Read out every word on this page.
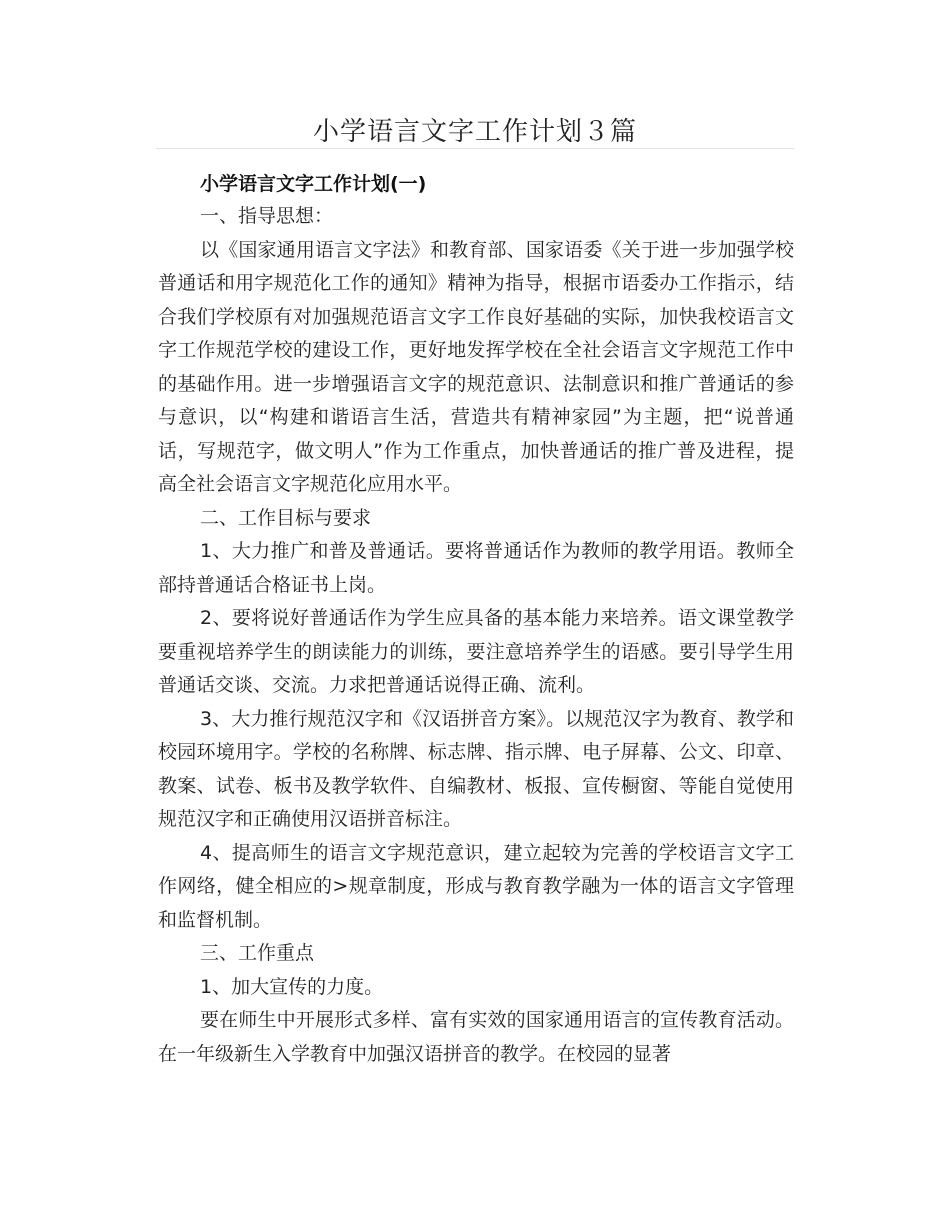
小学语言文字工作计划３篇

小学语言文字工作计划(一)

一、指导思想：

以《国家通用语言文字法》和教育部、国家语委《关于进一步加强学校普通话和用字规范化工作的通知》精神为指导，根据市语委办工作指示，结合我们学校原有对加强规范语言文字工作良好基础的实际，加快我校语言文字工作规范学校的建设工作，更好地发挥学校在全社会语言文字规范工作中的基础作用。进一步增强语言文字的规范意识、法制意识和推广普通话的参与意识，以“构建和谐语言生活，营造共有精神家园”为主题，把“说普通话，写规范字，做文明人”作为工作重点，加快普通话的推广普及进程，提高全社会语言文字规范化应用水平。

二、工作目标与要求

1、大力推广和普及普通话。要将普通话作为教师的教学用语。教师全部持普通话合格证书上岗。

2、要将说好普通话作为学生应具备的基本能力来培养。语文课堂教学要重视培养学生的朗读能力的训练，要注意培养学生的语感。要引导学生用普通话交谈、交流。力求把普通话说得正确、流利。

3、大力推行规范汉字和《汉语拼音方案》。以规范汉字为教育、教学和校园环境用字。学校的名称牌、标志牌、指示牌、电子屏幕、公文、印章、教案、试卷、板书及教学软件、自编教材、板报、宣传橱窗、等能自觉使用规范汉字和正确使用汉语拼音标注。

4、提高师生的语言文字规范意识，建立起较为完善的学校语言文字工作网络，健全相应的>规章制度，形成与教育教学融为一体的语言文字管理和监督机制。

三、工作重点

1、加大宣传的力度。

要在师生中开展形式多样、富有实效的国家通用语言的宣传教育活动。在一年级新生入学教育中加强汉语拼音的教学。在校园的显著
